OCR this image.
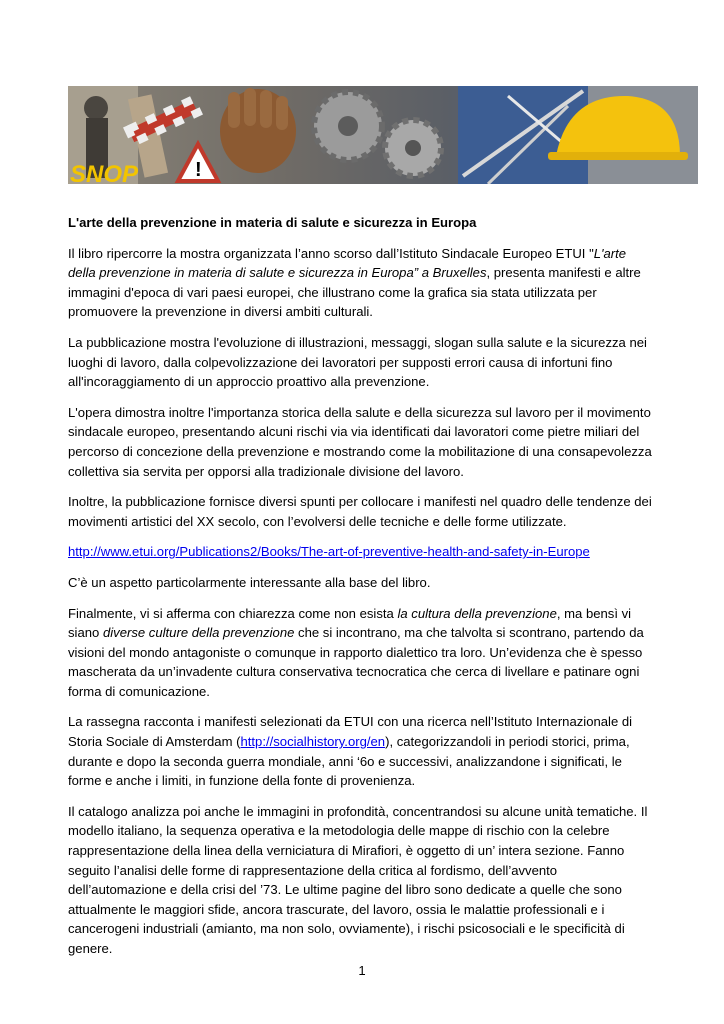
!
SNOP
L'arte della prevenzione in materia di salute e sicurezza in Europa

Il libro ripercorre la mostra organizzata l’anno scorso dall’Istituto Sindacale Europeo ETUI "L'arte della prevenzione in materia di salute e sicurezza in Europa” a Bruxelles, presenta manifesti e altre immagini d'epoca di vari paesi europei, che illustrano come la grafica sia stata utilizzata per promuovere la prevenzione in diversi ambiti culturali.

La pubblicazione mostra l'evoluzione di illustrazioni, messaggi, slogan sulla salute e la sicurezza nei luoghi di lavoro, dalla colpevolizzazione dei lavoratori per supposti errori causa di infortuni fino all'incoraggiamento di un approccio proattivo alla prevenzione.

L'opera dimostra inoltre l'importanza storica della salute e della sicurezza sul lavoro per il movimento sindacale europeo, presentando alcuni rischi via via identificati dai lavoratori come pietre miliari del percorso di concezione della prevenzione e mostrando come la mobilitazione di una consapevolezza collettiva sia servita per opporsi alla tradizionale divisione del lavoro.

Inoltre, la pubblicazione fornisce diversi spunti per collocare i manifesti nel quadro delle tendenze dei movimenti artistici del XX secolo, con l’evolversi delle tecniche e delle forme utilizzate.

http://www.etui.org/Publications2/Books/The-art-of-preventive-health-and-safety-in-Europe

C’è un aspetto particolarmente interessante alla base del libro.

Finalmente, vi si afferma con chiarezza come non esista la cultura della prevenzione, ma bensì vi siano diverse culture della prevenzione che si incontrano, ma che talvolta si scontrano, partendo da visioni del mondo antagoniste o comunque in rapporto dialettico tra loro. Un’evidenza che è spesso mascherata da un’invadente cultura conservativa tecnocratica che cerca di livellare e patinare ogni forma di comunicazione.

La rassegna racconta i manifesti selezionati da ETUI con una ricerca nell’Istituto Internazionale di Storia Sociale di Amsterdam (http://socialhistory.org/en), categorizzandoli in periodi storici, prima, durante e dopo la seconda guerra mondiale, anni ‘6o e successivi, analizzandone i significati, le forme e anche i limiti, in funzione della fonte di provenienza.

Il catalogo analizza poi anche le immagini in profondità, concentrandosi su alcune unità tematiche. Il modello italiano, la sequenza operativa e la metodologia delle mappe di rischio con la celebre rappresentazione della linea della verniciatura di Mirafiori, è oggetto di un’ intera sezione. Fanno seguito l’analisi delle forme di rappresentazione della critica al fordismo, dell’avvento dell’automazione e della crisi del ’73. Le ultime pagine del libro sono dedicate a quelle che sono attualmente le maggiori sfide, ancora trascurate, del lavoro, ossia le malattie professionali e i cancerogeni industriali (amianto, ma non solo, ovviamente), i rischi psicosociali e le specificità di genere.

1
